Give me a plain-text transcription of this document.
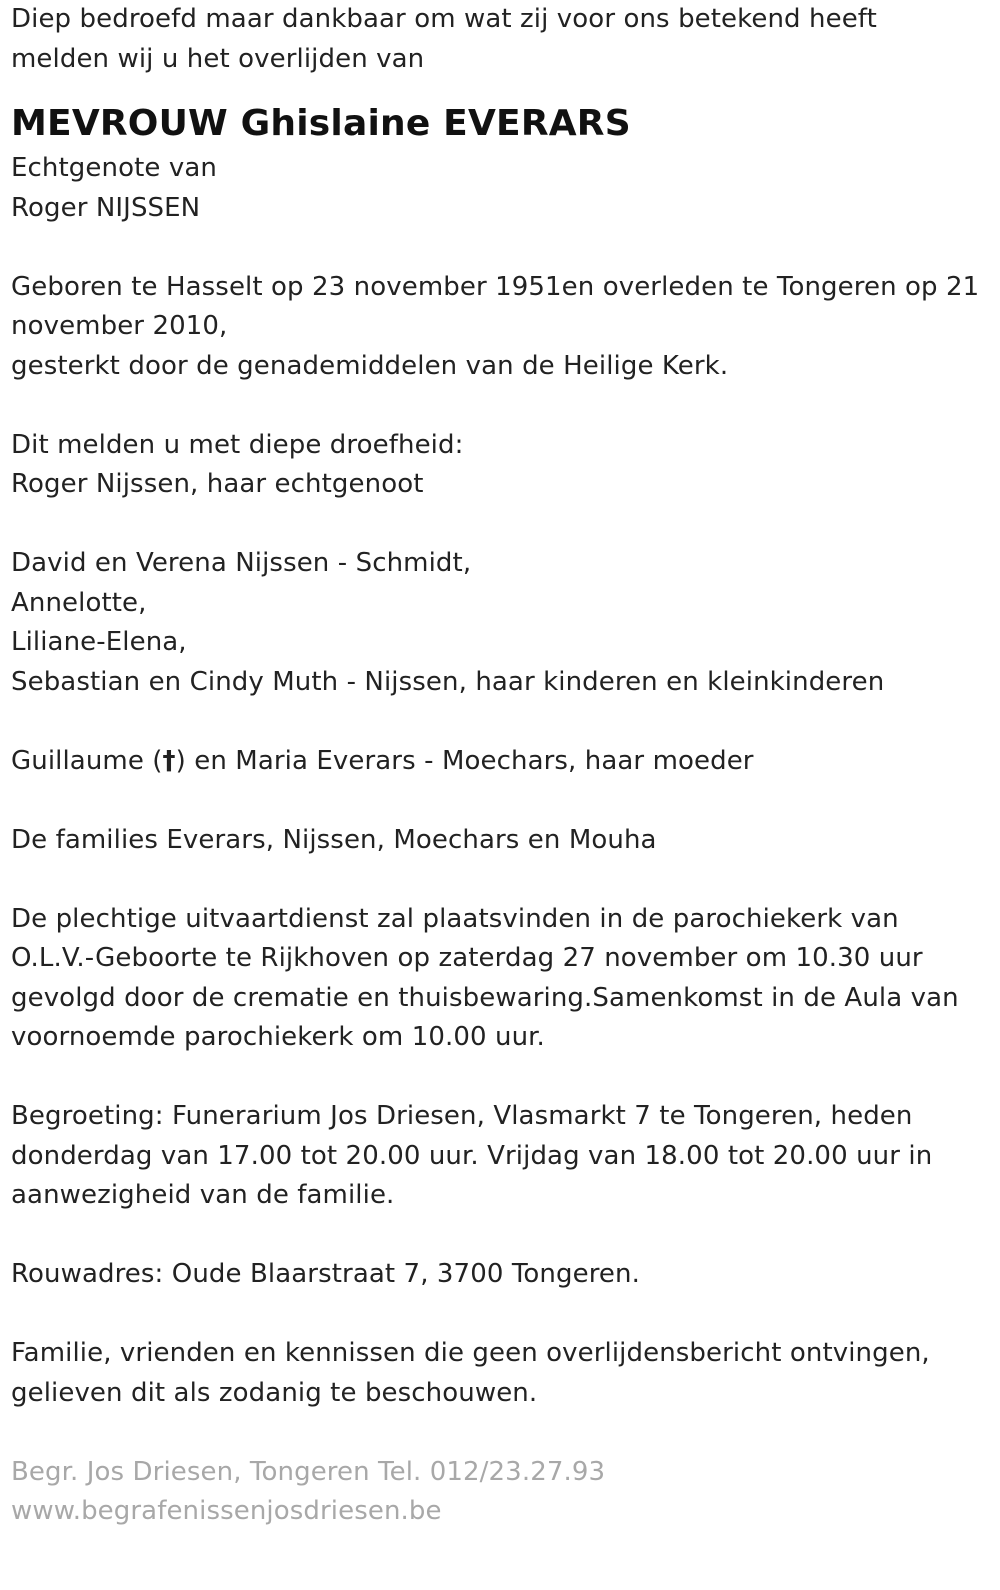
Diep bedroefd maar dankbaar om wat zij voor ons betekend heeft
melden wij u het overlijden van
MEVROUW Ghislaine EVERARS
Echtgenote van
Roger NIJSSEN
Geboren te Hasselt op 23 november 1951en overleden te Tongeren op 21
november 2010,
gesterkt door de genademiddelen van de Heilige Kerk.
Dit melden u met diepe droefheid:
Roger Nijssen, haar echtgenoot
David en Verena Nijssen - Schmidt,
Annelotte,
Liliane-Elena,
Sebastian en Cindy Muth - Nijssen, haar kinderen en kleinkinderen
Guillaume (†) en Maria Everars - Moechars, haar moeder
De families Everars, Nijssen, Moechars en Mouha
De plechtige uitvaartdienst zal plaatsvinden in de parochiekerk van
O.L.V.-Geboorte te Rijkhoven op zaterdag 27 november om 10.30 uur
gevolgd door de crematie en thuisbewaring.Samenkomst in de Aula van
voornoemde parochiekerk om 10.00 uur.
Begroeting: Funerarium Jos Driesen, Vlasmarkt 7 te Tongeren, heden
donderdag van 17.00 tot 20.00 uur. Vrijdag van 18.00 tot 20.00 uur in
aanwezigheid van de familie.
Rouwadres: Oude Blaarstraat 7, 3700 Tongeren.
Familie, vrienden en kennissen die geen overlijdensbericht ontvingen,
gelieven dit als zodanig te beschouwen.
Begr. Jos Driesen, Tongeren Tel. 012/23.27.93
www.begrafenissenjosdriesen.be
